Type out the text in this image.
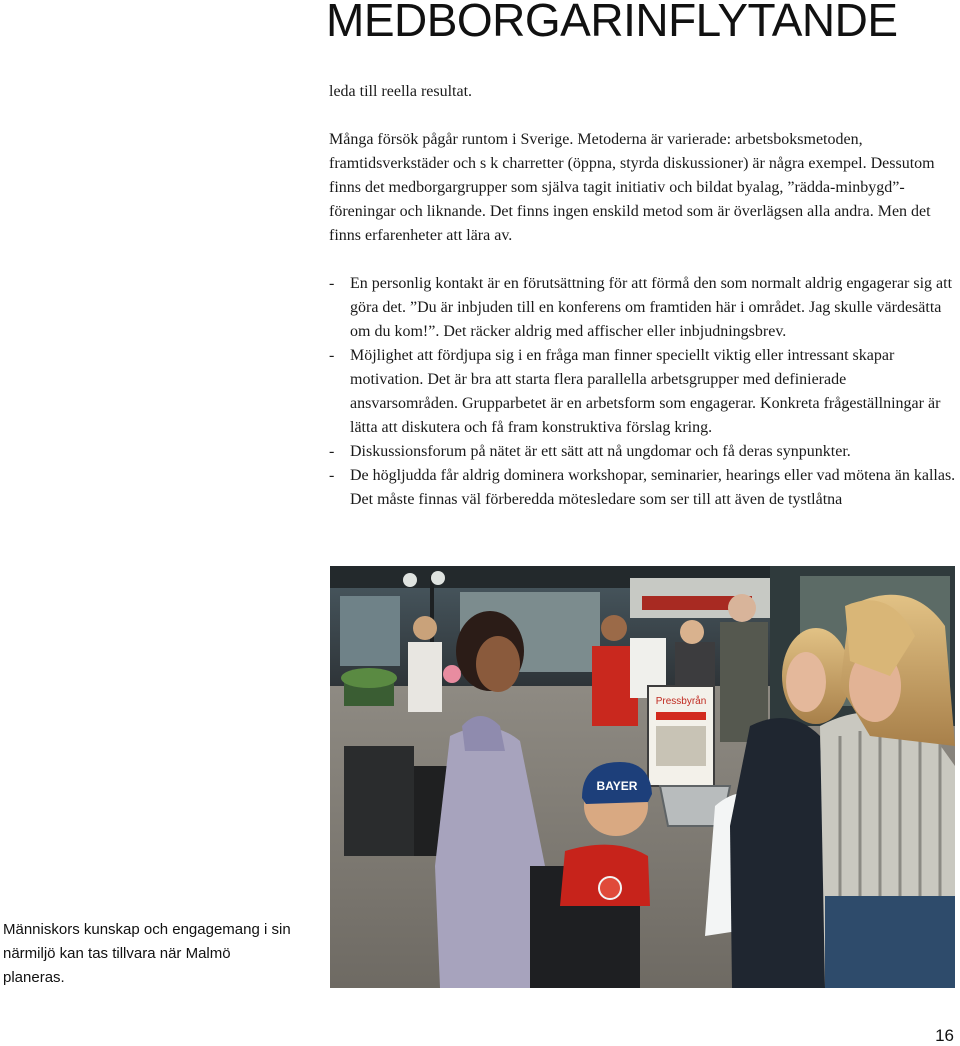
MEDBORGARINFLYTANDE

leda till reella resultat.

Många försök pågår runtom i Sverige. Metoderna är varierade: arbetsboksmetoden, framtidsverkstäder och s k charretter (öppna, styrda diskussioner) är några exempel. Dessutom finns det medborgargrupper som själva tagit initiativ och bildat byalag, ”rädda-minbygd”-föreningar och liknande. Det finns ingen enskild metod som är överlägsen alla andra. Men det finns erfarenheter att lära av.

- En personlig kontakt är en förutsättning för att förmå den som normalt aldrig engagerar sig att göra det. ”Du är inbjuden till en konferens om framtiden här i området. Jag skulle värdesätta om du kom!”. Det räcker aldrig med affischer eller inbjudningsbrev.
- Möjlighet att fördjupa sig i en fråga man finner speciellt viktig eller intressant skapar motivation. Det är bra att starta flera parallella arbetsgrupper med definierade ansvarsområden. Grupparbetet är en arbetsform som engagerar. Konkreta frågeställningar är lätta att diskutera och få fram konstruktiva förslag kring.
- Diskussionsforum på nätet är ett sätt att nå ungdomar och få deras synpunkter.
- De högljudda får aldrig dominera workshopar, seminarier, hearings eller vad mötena än kallas. Det måste finnas väl förberedda mötesledare som ser till att även de tystlåtna
Pressbyrån
BAYER
Människors kunskap och engagemang i sin närmiljö kan tas tillvara när Malmö planeras.
16
